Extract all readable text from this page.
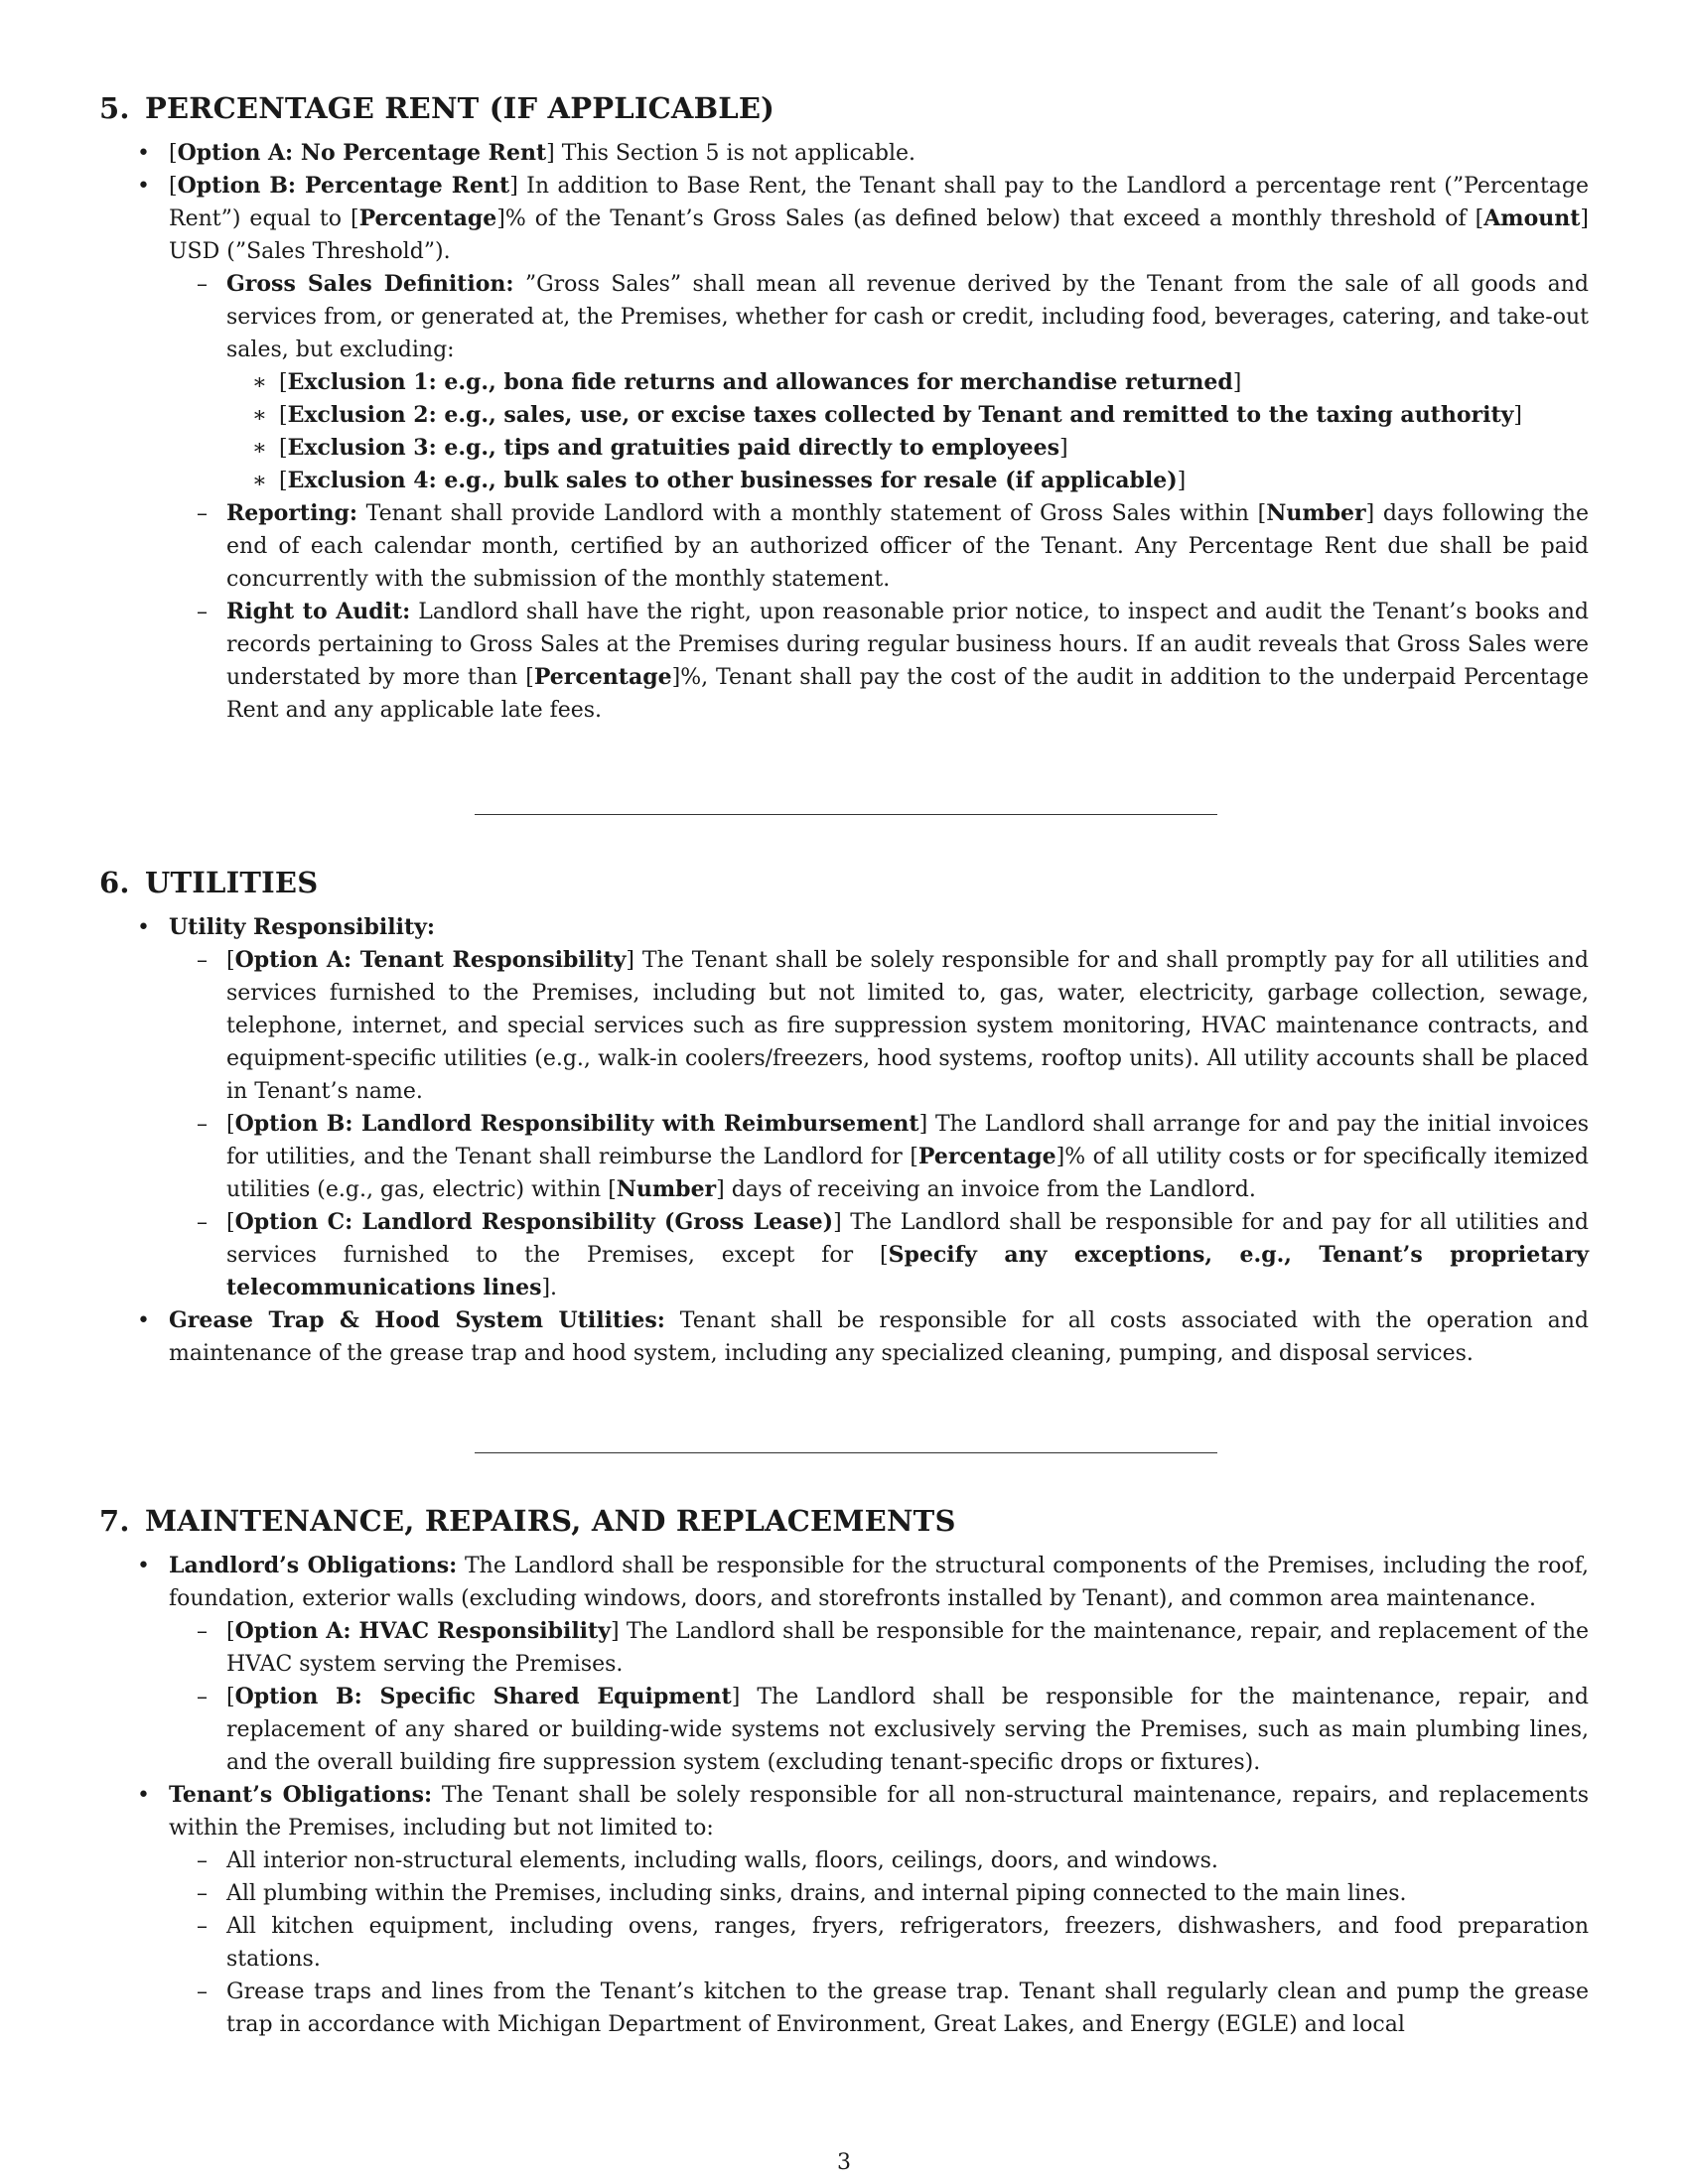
5. PERCENTAGE RENT (IF APPLICABLE)
• [Option A: No Percentage Rent] This Section 5 is not applicable.
• [Option B: Percentage Rent] In addition to Base Rent, the Tenant shall pay to the Landlord a percentage rent (”Percentage Rent”) equal to [Percentage]% of the Tenant’s Gross Sales (as defined below) that exceed a monthly threshold of [Amount] USD (”Sales Threshold”).
– Gross Sales Definition: ”Gross Sales” shall mean all revenue derived by the Tenant from the sale of all goods and services from, or generated at, the Premises, whether for cash or credit, including food, beverages, catering, and take-out sales, but excluding:
∗ [Exclusion 1: e.g., bona fide returns and allowances for merchandise returned]
∗ [Exclusion 2: e.g., sales, use, or excise taxes collected by Tenant and remitted to the taxing authority]
∗ [Exclusion 3: e.g., tips and gratuities paid directly to employees]
∗ [Exclusion 4: e.g., bulk sales to other businesses for resale (if applicable)]
– Reporting: Tenant shall provide Landlord with a monthly statement of Gross Sales within [Number] days following the end of each calendar month, certified by an authorized officer of the Tenant. Any Percentage Rent due shall be paid concurrently with the submission of the monthly statement.
– Right to Audit: Landlord shall have the right, upon reasonable prior notice, to inspect and audit the Tenant’s books and records pertaining to Gross Sales at the Premises during regular business hours. If an audit reveals that Gross Sales were understated by more than [Percentage]%, Tenant shall pay the cost of the audit in addition to the underpaid Percentage Rent and any applicable late fees.
6. UTILITIES
• Utility Responsibility:
– [Option A: Tenant Responsibility] The Tenant shall be solely responsible for and shall promptly pay for all utilities and services furnished to the Premises, including but not limited to, gas, water, electricity, garbage collection, sewage, telephone, internet, and special services such as fire suppression system monitoring, HVAC maintenance contracts, and equipment-specific utilities (e.g., walk-in coolers/freezers, hood systems, rooftop units). All utility accounts shall be placed in Tenant’s name.
– [Option B: Landlord Responsibility with Reimbursement] The Landlord shall arrange for and pay the initial invoices for utilities, and the Tenant shall reimburse the Landlord for [Percentage]% of all utility costs or for specifically itemized utilities (e.g., gas, electric) within [Number] days of receiving an invoice from the Landlord.
– [Option C: Landlord Responsibility (Gross Lease)] The Landlord shall be responsible for and pay for all utilities and services furnished to the Premises, except for [Specify any exceptions, e.g., Tenant’s proprietary telecommunications lines].
• Grease Trap & Hood System Utilities: Tenant shall be responsible for all costs associated with the operation and maintenance of the grease trap and hood system, including any specialized cleaning, pumping, and disposal services.
7. MAINTENANCE, REPAIRS, AND REPLACEMENTS
• Landlord’s Obligations: The Landlord shall be responsible for the structural components of the Premises, including the roof, foundation, exterior walls (excluding windows, doors, and storefronts installed by Tenant), and common area maintenance.
– [Option A: HVAC Responsibility] The Landlord shall be responsible for the maintenance, repair, and replacement of the HVAC system serving the Premises.
– [Option B: Specific Shared Equipment] The Landlord shall be responsible for the maintenance, repair, and replacement of any shared or building-wide systems not exclusively serving the Premises, such as main plumbing lines, and the overall building fire suppression system (excluding tenant-specific drops or fixtures).
• Tenant’s Obligations: The Tenant shall be solely responsible for all non-structural maintenance, repairs, and replacements within the Premises, including but not limited to:
– All interior non-structural elements, including walls, floors, ceilings, doors, and windows.
– All plumbing within the Premises, including sinks, drains, and internal piping connected to the main lines.
– All kitchen equipment, including ovens, ranges, fryers, refrigerators, freezers, dishwashers, and food preparation stations.
– Grease traps and lines from the Tenant’s kitchen to the grease trap. Tenant shall regularly clean and pump the grease trap in accordance with Michigan Department of Environment, Great Lakes, and Energy (EGLE) and local
3
